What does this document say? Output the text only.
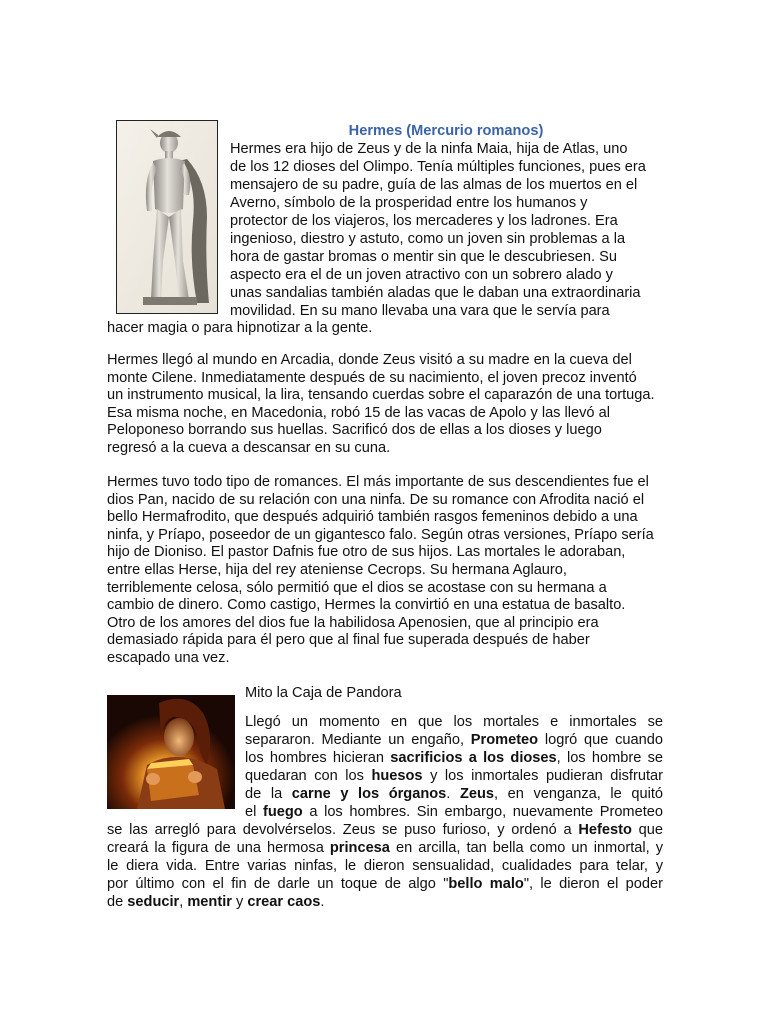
Hermes (Mercurio romanos)
Hermes era hijo de Zeus y de la ninfa Maia, hija de Atlas, uno
de los 12 dioses del Olimpo. Tenía múltiples funciones, pues era
mensajero de su padre, guía de las almas de los muertos en el
Averno, símbolo de la prosperidad entre los humanos y
protector de los viajeros, los mercaderes y los ladrones. Era
ingenioso, diestro y astuto, como un joven sin problemas a la
hora de gastar bromas o mentir sin que le descubriesen. Su
aspecto era el de un joven atractivo con un sobrero alado y
unas sandalias también aladas que le daban una extraordinaria
movilidad. En su mano llevaba una vara que le servía para
hacer magia o para hipnotizar a la gente.

Hermes llegó al mundo en Arcadia, donde Zeus visitó a su madre en la cueva del monte Cilene. Inmediatamente después de su nacimiento, el joven precoz inventó un instrumento musical, la lira, tensando cuerdas sobre el caparazón de una tortuga. Esa misma noche, en Macedonia, robó 15 de las vacas de Apolo y las llevó al Peloponeso borrando sus huellas. Sacrificó dos de ellas a los dioses y luego regresó a la cueva a descansar en su cuna.

Hermes tuvo todo tipo de romances. El más importante de sus descendientes fue el dios Pan, nacido de su relación con una ninfa. De su romance con Afrodita nació el bello Hermafrodito, que después adquirió también rasgos femeninos debido a una ninfa, y Príapo, poseedor de un gigantesco falo. Según otras versiones, Príapo sería hijo de Dioniso. El pastor Dafnis fue otro de sus hijos. Las mortales le adoraban, entre ellas Herse, hija del rey ateniense Cecrops. Su hermana Aglauro, terriblemente celosa, sólo permitió que el dios se acostase con su hermana a cambio de dinero. Como castigo, Hermes la convirtió en una estatua de basalto. Otro de los amores del dios fue la habilidosa Apenosien, que al principio era demasiado rápida para él pero que al final fue superada después de haber escapado una vez.

Mito la Caja de Pandora
Llegó un momento en que los mortales e inmortales se
separaron. Mediante un engaño, Prometeo logró que cuando
los hombres hicieran sacrificios a los dioses, los hombre se
quedaran con los huesos y los inmortales pudieran disfrutar
de la carne y los órganos. Zeus, en venganza, le quitó
el fuego a los hombres. Sin embargo, nuevamente Prometeo
se las arregló para devolvérselos. Zeus se puso furioso, y ordenó a Hefesto que
creará la figura de una hermosa princesa en arcilla, tan bella como un inmortal, y
le diera vida. Entre varias ninfas, le dieron sensualidad, cualidades para telar, y
por último con el fin de darle un toque de algo "bello malo", le dieron el poder
de seducir, mentir y crear caos.
